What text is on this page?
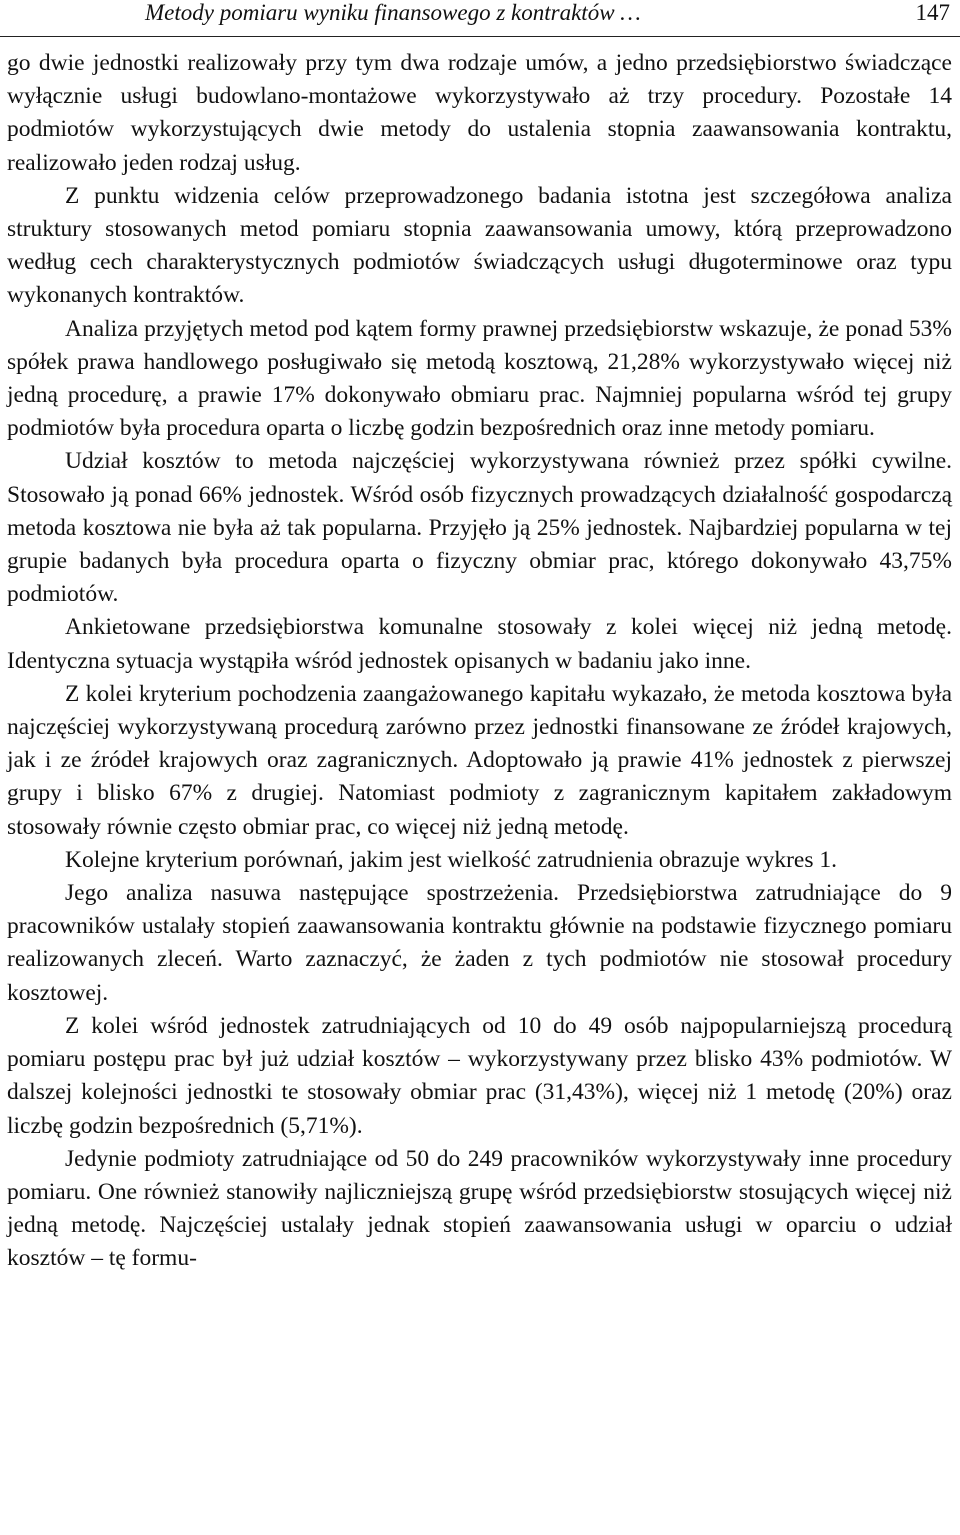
Metody pomiaru wyniku finansowego z kontraktów …	147

go dwie jednostki realizowały przy tym dwa rodzaje umów, a jedno przedsiębiorstwo świadczące wyłącznie usługi budowlano-montażowe wykorzystywało aż trzy procedury. Pozostałe 14 podmiotów wykorzystujących dwie metody do ustalenia stopnia zaawansowania kontraktu, realizowało jeden rodzaj usług.

Z punktu widzenia celów przeprowadzonego badania istotna jest szczegółowa analiza struktury stosowanych metod pomiaru stopnia zaawansowania umowy, którą przeprowadzono według cech charakterystycznych podmiotów świadczących usługi długoterminowe oraz typu wykonanych kontraktów.

Analiza przyjętych metod pod kątem formy prawnej przedsiębiorstw wskazuje, że ponad 53% spółek prawa handlowego posługiwało się metodą kosztową, 21,28% wykorzystywało więcej niż jedną procedurę, a prawie 17% dokonywało obmiaru prac. Najmniej popularna wśród tej grupy podmiotów była procedura oparta o liczbę godzin bezpośrednich oraz inne metody pomiaru.

Udział kosztów to metoda najczęściej wykorzystywana również przez spółki cywilne. Stosowało ją ponad 66% jednostek. Wśród osób fizycznych prowadzących działalność gospodarczą metoda kosztowa nie była aż tak popularna. Przyjęło ją 25% jednostek. Najbardziej popularna w tej grupie badanych była procedura oparta o fizyczny obmiar prac, którego dokonywało 43,75% podmiotów.

Ankietowane przedsiębiorstwa komunalne stosowały z kolei więcej niż jedną metodę. Identyczna sytuacja wystąpiła wśród jednostek opisanych w badaniu jako inne.

Z kolei kryterium pochodzenia zaangażowanego kapitału wykazało, że metoda kosztowa była najczęściej wykorzystywaną procedurą zarówno przez jednostki finansowane ze źródeł krajowych, jak i ze źródeł krajowych oraz zagranicznych. Adoptowało ją prawie 41% jednostek z pierwszej grupy i blisko 67% z drugiej. Natomiast podmioty z zagranicznym kapitałem zakładowym stosowały równie często obmiar prac, co więcej niż jedną metodę.

Kolejne kryterium porównań, jakim jest wielkość zatrudnienia obrazuje wykres 1.

Jego analiza nasuwa następujące spostrzeżenia. Przedsiębiorstwa zatrudniające do 9 pracowników ustalały stopień zaawansowania kontraktu głównie na podstawie fizycznego pomiaru realizowanych zleceń. Warto zaznaczyć, że żaden z tych podmiotów nie stosował procedury kosztowej.

Z kolei wśród jednostek zatrudniających od 10 do 49 osób najpopularniejszą procedurą pomiaru postępu prac był już udział kosztów – wykorzystywany przez blisko 43% podmiotów. W dalszej kolejności jednostki te stosowały obmiar prac (31,43%), więcej niż 1 metodę (20%) oraz liczbę godzin bezpośrednich (5,71%).

Jedynie podmioty zatrudniające od 50 do 249 pracowników wykorzystywały inne procedury pomiaru. One również stanowiły najliczniejszą grupę wśród przedsiębiorstw stosujących więcej niż jedną metodę. Najczęściej ustalały jednak stopień zaawansowania usługi w oparciu o udział kosztów – tę formu-
